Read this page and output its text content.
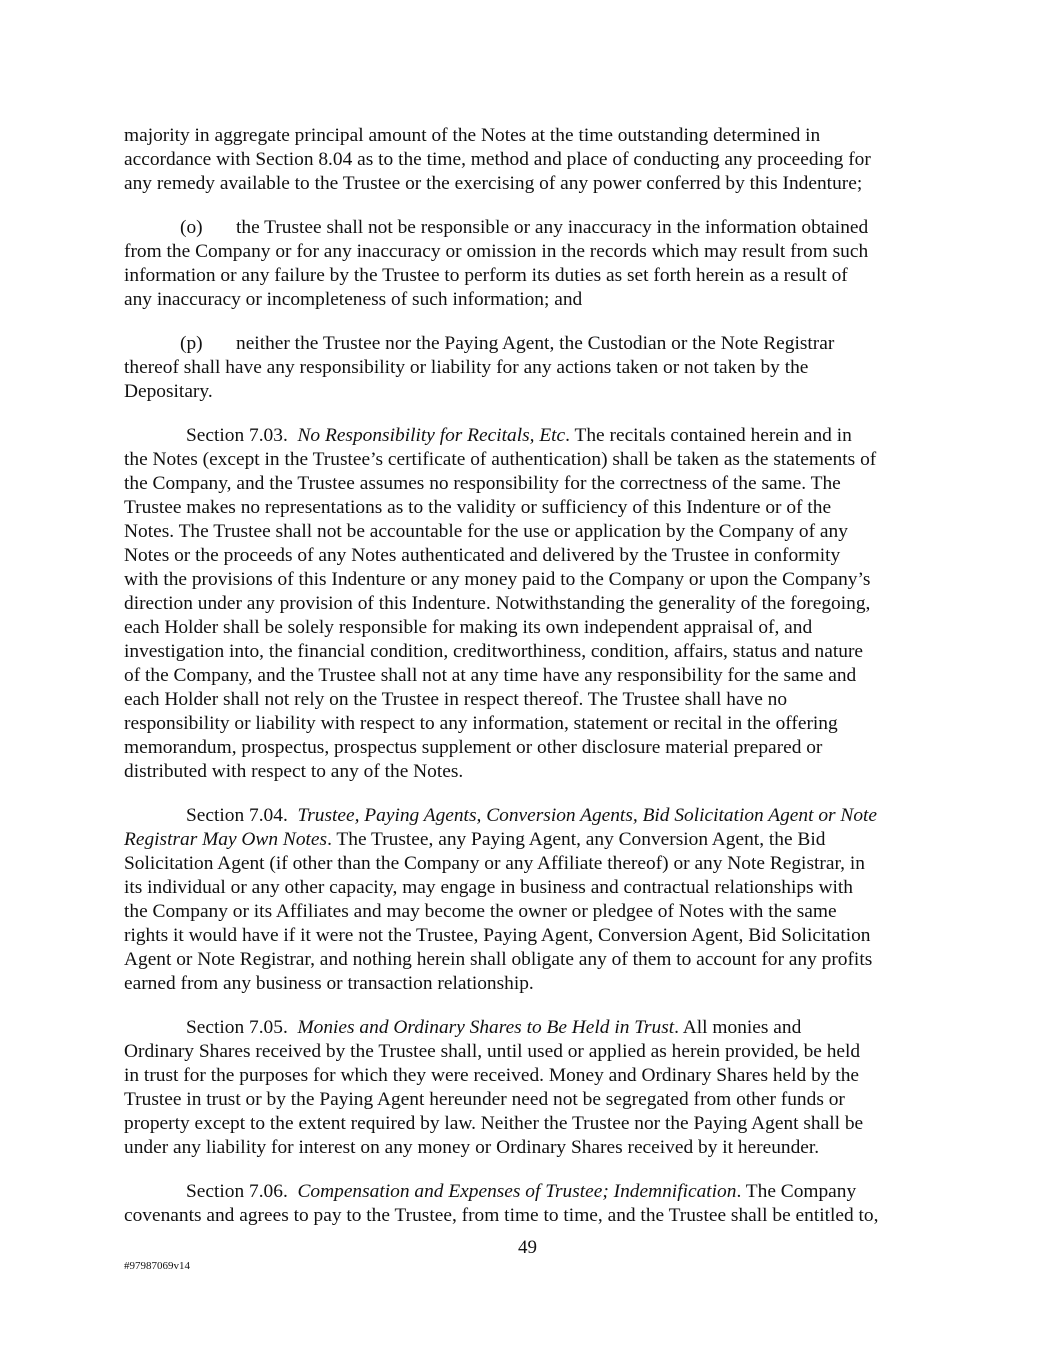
majority in aggregate principal amount of the Notes at the time outstanding determined in
accordance with Section 8.04 as to the time, method and place of conducting any proceeding for
any remedy available to the Trustee or the exercising of any power conferred by this Indenture;

(o) the Trustee shall not be responsible or any inaccuracy in the information obtained
from the Company or for any inaccuracy or omission in the records which may result from such
information or any failure by the Trustee to perform its duties as set forth herein as a result of
any inaccuracy or incompleteness of such information; and

(p) neither the Trustee nor the Paying Agent, the Custodian or the Note Registrar
thereof shall have any responsibility or liability for any actions taken or not taken by the
Depositary.

Section 7.03. No Responsibility for Recitals, Etc. The recitals contained herein and in
the Notes (except in the Trustee’s certificate of authentication) shall be taken as the statements of
the Company, and the Trustee assumes no responsibility for the correctness of the same. The
Trustee makes no representations as to the validity or sufficiency of this Indenture or of the
Notes. The Trustee shall not be accountable for the use or application by the Company of any
Notes or the proceeds of any Notes authenticated and delivered by the Trustee in conformity
with the provisions of this Indenture or any money paid to the Company or upon the Company’s
direction under any provision of this Indenture. Notwithstanding the generality of the foregoing,
each Holder shall be solely responsible for making its own independent appraisal of, and
investigation into, the financial condition, creditworthiness, condition, affairs, status and nature
of the Company, and the Trustee shall not at any time have any responsibility for the same and
each Holder shall not rely on the Trustee in respect thereof. The Trustee shall have no
responsibility or liability with respect to any information, statement or recital in the offering
memorandum, prospectus, prospectus supplement or other disclosure material prepared or
distributed with respect to any of the Notes.

Section 7.04. Trustee, Paying Agents, Conversion Agents, Bid Solicitation Agent or Note
Registrar May Own Notes. The Trustee, any Paying Agent, any Conversion Agent, the Bid
Solicitation Agent (if other than the Company or any Affiliate thereof) or any Note Registrar, in
its individual or any other capacity, may engage in business and contractual relationships with
the Company or its Affiliates and may become the owner or pledgee of Notes with the same
rights it would have if it were not the Trustee, Paying Agent, Conversion Agent, Bid Solicitation
Agent or Note Registrar, and nothing herein shall obligate any of them to account for any profits
earned from any business or transaction relationship.

Section 7.05. Monies and Ordinary Shares to Be Held in Trust. All monies and
Ordinary Shares received by the Trustee shall, until used or applied as herein provided, be held
in trust for the purposes for which they were received. Money and Ordinary Shares held by the
Trustee in trust or by the Paying Agent hereunder need not be segregated from other funds or
property except to the extent required by law. Neither the Trustee nor the Paying Agent shall be
under any liability for interest on any money or Ordinary Shares received by it hereunder.

Section 7.06. Compensation and Expenses of Trustee; Indemnification. The Company
covenants and agrees to pay to the Trustee, from time to time, and the Trustee shall be entitled to,

49
#97987069v14
